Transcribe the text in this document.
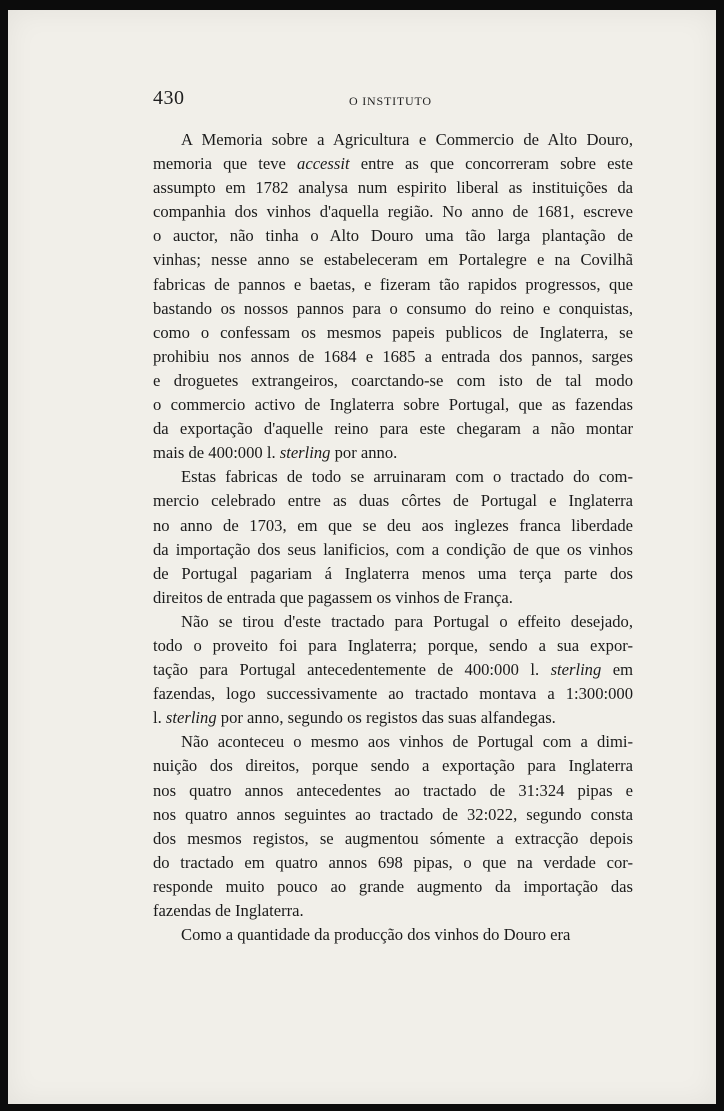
430	O INSTITUTO
A Memoria sobre a Agricultura e Commercio de Alto Douro,
memoria que teve accessit entre as que concorreram sobre este
assumpto em 1782 analysa num espirito liberal as instituições da
companhia dos vinhos d'aquella região. No anno de 1681, escreve
o auctor, não tinha o Alto Douro uma tão larga plantação de
vinhas; nesse anno se estabeleceram em Portalegre e na Covilhã
fabricas de pannos e baetas, e fizeram tão rapidos progressos, que
bastando os nossos pannos para o consumo do reino e conquistas,
como o confessam os mesmos papeis publicos de Inglaterra, se
prohibiu nos annos de 1684 e 1685 a entrada dos pannos, sarges
e droguetes extrangeiros, coarctando-se com isto de tal modo
o commercio activo de Inglaterra sobre Portugal, que as fazendas
da exportação d'aquelle reino para este chegaram a não montar
mais de 400:000 l. sterling por anno.
Estas fabricas de todo se arruinaram com o tractado do com-
mercio celebrado entre as duas côrtes de Portugal e Inglaterra
no anno de 1703, em que se deu aos inglezes franca liberdade
da importação dos seus lanificios, com a condição de que os vinhos
de Portugal pagariam á Inglaterra menos uma terça parte dos
direitos de entrada que pagassem os vinhos de França.
Não se tirou d'este tractado para Portugal o effeito desejado,
todo o proveito foi para Inglaterra; porque, sendo a sua expor-
tação para Portugal antecedentemente de 400:000 l. sterling em
fazendas, logo successivamente ao tractado montava a 1:300:000
l. sterling por anno, segundo os registos das suas alfandegas.
Não aconteceu o mesmo aos vinhos de Portugal com a dimi-
nuição dos direitos, porque sendo a exportação para Inglaterra
nos quatro annos antecedentes ao tractado de 31:324 pipas e
nos quatro annos seguintes ao tractado de 32:022, segundo consta
dos mesmos registos, se augmentou sómente a extracção depois
do tractado em quatro annos 698 pipas, o que na verdade cor-
responde muito pouco ao grande augmento da importação das
fazendas de Inglaterra.
Como a quantidade da producção dos vinhos do Douro era
